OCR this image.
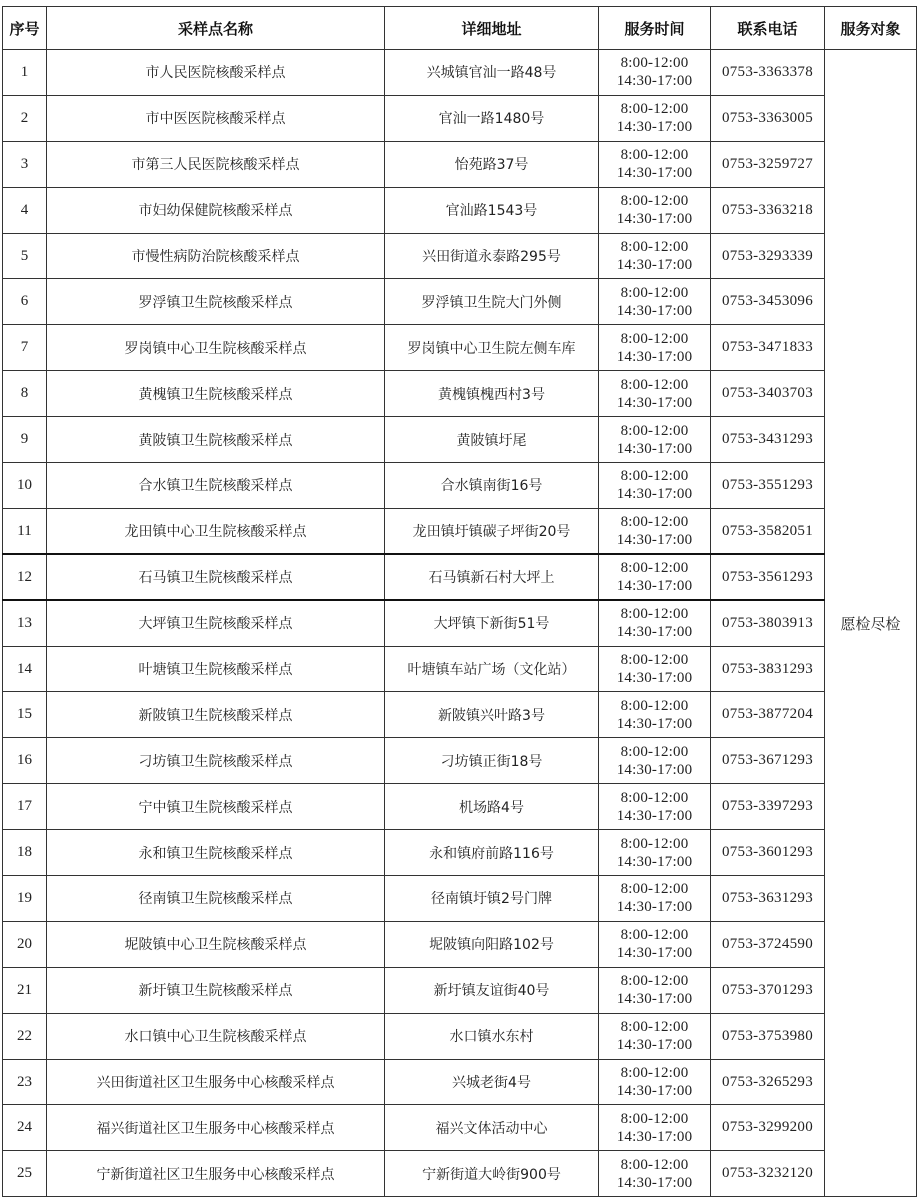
序号	采样点名称	详细地址	服务时间	联系电话	服务对象
1	市人民医院核酸采样点	兴城镇官汕一路48号	8:00-12:00
14:30-17:00	0753-3363378	愿检尽检
2	市中医医院核酸采样点	官汕一路1480号	8:00-12:00
14:30-17:00	0753-3363005	
3	市第三人民医院核酸采样点	怡苑路37号	8:00-12:00
14:30-17:00	0753-3259727	
4	市妇幼保健院核酸采样点	官汕路1543号	8:00-12:00
14:30-17:00	0753-3363218	
5	市慢性病防治院核酸采样点	兴田街道永泰路295号	8:00-12:00
14:30-17:00	0753-3293339	
6	罗浮镇卫生院核酸采样点	罗浮镇卫生院大门外侧	8:00-12:00
14:30-17:00	0753-3453096	
7	罗岗镇中心卫生院核酸采样点	罗岗镇中心卫生院左侧车库	8:00-12:00
14:30-17:00	0753-3471833	
8	黄槐镇卫生院核酸采样点	黄槐镇槐西村3号	8:00-12:00
14:30-17:00	0753-3403703	
9	黄陂镇卫生院核酸采样点	黄陂镇圩尾	8:00-12:00
14:30-17:00	0753-3431293	
10	合水镇卫生院核酸采样点	合水镇南街16号	8:00-12:00
14:30-17:00	0753-3551293	
11	龙田镇中心卫生院核酸采样点	龙田镇圩镇碳子坪街20号	8:00-12:00
14:30-17:00	0753-3582051	
12	石马镇卫生院核酸采样点	石马镇新石村大坪上	8:00-12:00
14:30-17:00	0753-3561293	
13	大坪镇卫生院核酸采样点	大坪镇下新街51号	8:00-12:00
14:30-17:00	0753-3803913	
14	叶塘镇卫生院核酸采样点	叶塘镇车站广场（文化站）	8:00-12:00
14:30-17:00	0753-3831293	
15	新陂镇卫生院核酸采样点	新陂镇兴叶路3号	8:00-12:00
14:30-17:00	0753-3877204	
16	刁坊镇卫生院核酸采样点	刁坊镇正街18号	8:00-12:00
14:30-17:00	0753-3671293	
17	宁中镇卫生院核酸采样点	机场路4号	8:00-12:00
14:30-17:00	0753-3397293	
18	永和镇卫生院核酸采样点	永和镇府前路116号	8:00-12:00
14:30-17:00	0753-3601293	
19	径南镇卫生院核酸采样点	径南镇圩镇2号门牌	8:00-12:00
14:30-17:00	0753-3631293	
20	坭陂镇中心卫生院核酸采样点	坭陂镇向阳路102号	8:00-12:00
14:30-17:00	0753-3724590	
21	新圩镇卫生院核酸采样点	新圩镇友谊街40号	8:00-12:00
14:30-17:00	0753-3701293	
22	水口镇中心卫生院核酸采样点	水口镇水东村	8:00-12:00
14:30-17:00	0753-3753980	
23	兴田街道社区卫生服务中心核酸采样点	兴城老街4号	8:00-12:00
14:30-17:00	0753-3265293	
24	福兴街道社区卫生服务中心核酸采样点	福兴文体活动中心	8:00-12:00
14:30-17:00	0753-3299200	
25	宁新街道社区卫生服务中心核酸采样点	宁新街道大岭街900号	8:00-12:00
14:30-17:00	0753-3232120	
